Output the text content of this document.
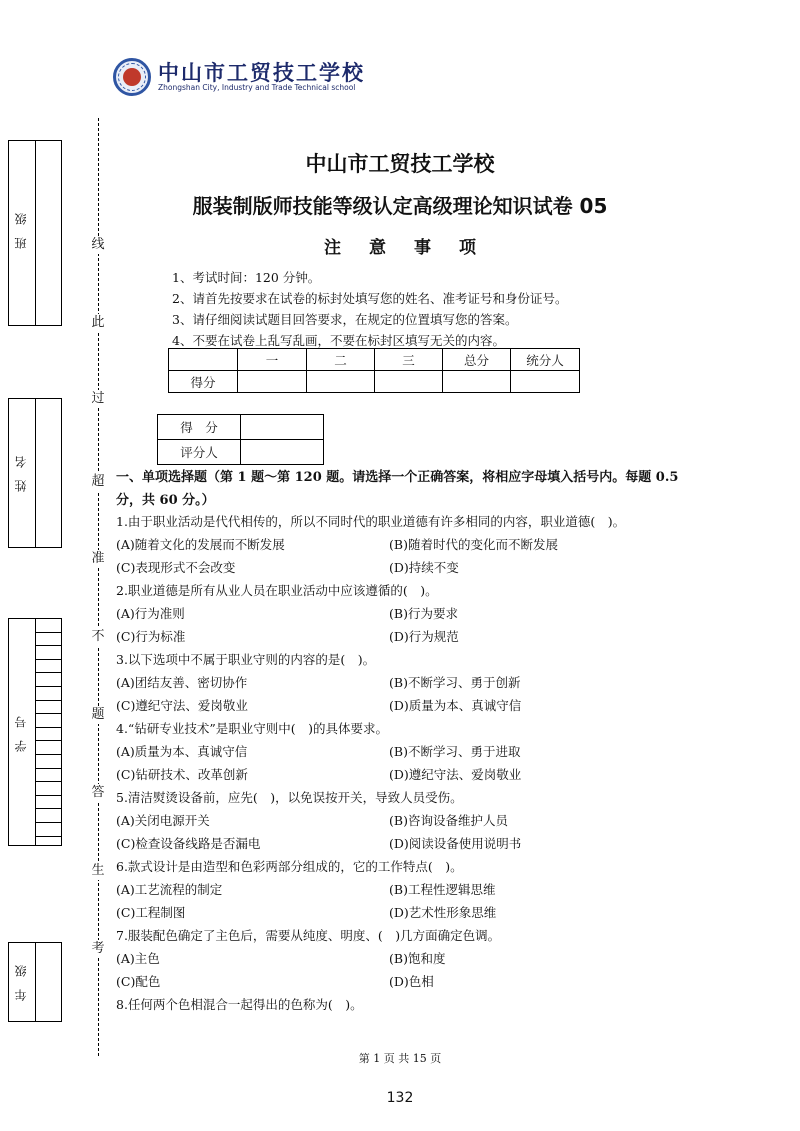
中山市工贸技工学校
Zhongshan City, Industry and Trade Technical school
班　级
姓　名
学　号
年　级
线
此
过
超
准
不
题
答
生
考
中山市工贸技工学校
服装制版师技能等级认定高级理论知识试卷 05
注 意 事 项
1、考试时间：120 分钟。
2、请首先按要求在试卷的标封处填写您的姓名、准考证号和身份证号。
3、请仔细阅读试题目回答要求，在规定的位置填写您的答案。
4、不要在试卷上乱写乱画，不要在标封区填写无关的内容。
	一	二	三	总分	统分人
得分					
得　分	
评分人	
一、单项选择题（第 1 题～第 120 题。请选择一个正确答案，将相应字母填入括号内。每题 0.5 分，共 60 分。）
1.由于职业活动是代代相传的，所以不同时代的职业道德有许多相同的内容，职业道德(　)。
(A)随着文化的发展而不断发展	(B)随着时代的变化而不断发展
(C)表现形式不会改变	(D)持续不变
2.职业道德是所有从业人员在职业活动中应该遵循的(　)。
(A)行为准则	(B)行为要求
(C)行为标准	(D)行为规范
3.以下选项中不属于职业守则的内容的是(　)。
(A)团结友善、密切协作	(B)不断学习、勇于创新
(C)遵纪守法、爱岗敬业	(D)质量为本、真诚守信
4.“钻研专业技术”是职业守则中(　)的具体要求。
(A)质量为本、真诚守信	(B)不断学习、勇于进取
(C)钻研技术、改革创新	(D)遵纪守法、爱岗敬业
5.清洁熨烫设备前，应先(　)，以免误按开关，导致人员受伤。
(A)关闭电源开关	(B)咨询设备维护人员
(C)检查设备线路是否漏电	(D)阅读设备使用说明书
6.款式设计是由造型和色彩两部分组成的，它的工作特点(　)。
(A)工艺流程的制定	(B)工程性逻辑思维
(C)工程制图	(D)艺术性形象思维
7.服装配色确定了主色后，需要从纯度、明度、(　)几方面确定色调。
(A)主色	(B)饱和度
(C)配色	(D)色相
8.任何两个色相混合一起得出的色称为(　)。
第 1 页 共 15 页
132
